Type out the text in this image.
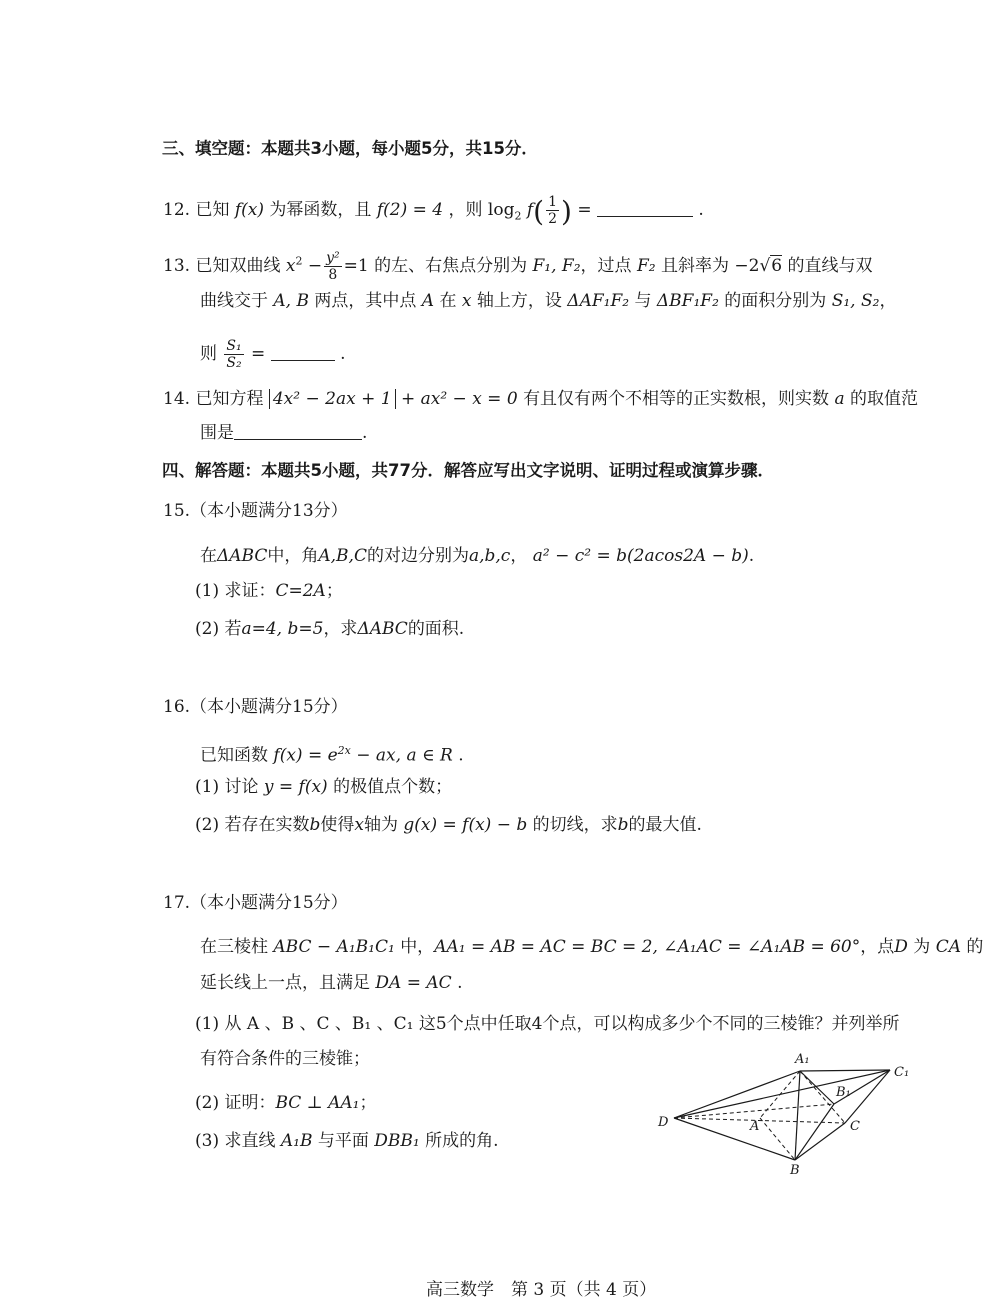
三、填空题：本题共3小题，每小题5分，共15分．
12. 已知 f(x) 为幂函数，且 f(2) = 4 ，则 $\log_2 f( \frac{1}{2}$ ) =	.
13. 已知双曲线 $x^2 - \frac{\text{y²}}{8} =1$ 的左、右焦点分别为 F₁, F₂，过点 F₂ 且斜率为 −2√6 的直线与双
曲线交于 A, B 两点，其中点 A 在 x 轴上方，设 ΔAF₁F₂ 与 ΔBF₁F₂ 的面积分别为 S₁, S₂，
则 $\frac{\text{S₁}}{\text{S₂}}$ =	.
14. 已知方程 4x² − 2ax + 1 + ax² − x = 0 有且仅有两个不相等的正实数根，则实数 a 的取值范
围是	.
四、解答题：本题共5小题，共77分．解答应写出文字说明、证明过程或演算步骤．
15.（本小题满分13分）
在ΔABC中，角A,B,C的对边分别为a,b,c， a² − c² = b(2acos2A − b).
(1) 求证：C=2A；
(2) 若a=4, b=5，求ΔABC的面积.
16.（本小题满分15分）
已知函数 $f(x) = e^{2x}$ − ax, a ∈ R .
(1) 讨论 y = f(x) 的极值点个数；
(2) 若存在实数b使得x轴为 g(x) = f(x) − b 的切线，求b的最大值.
17.（本小题满分15分）
在三棱柱 ABC − A₁B₁C₁ 中，AA₁ = AB = AC = BC = 2, ∠A₁AC = ∠A₁AB = 60°，点D 为 CA 的
延长线上一点，且满足 DA = AC .
(1) 从 A 、B 、C 、B₁ 、C₁ 这5个点中任取4个点，可以构成多少个不同的三棱锥？并列举所
有符合条件的三棱锥；
(2) 证明：BC ⊥ AA₁；
(3) 求直线 A₁B 与平面 DBB₁ 所成的角.
A₁
C₁
B₁
D	A	C
B
高三数学　第 3 页（共 4 页）
